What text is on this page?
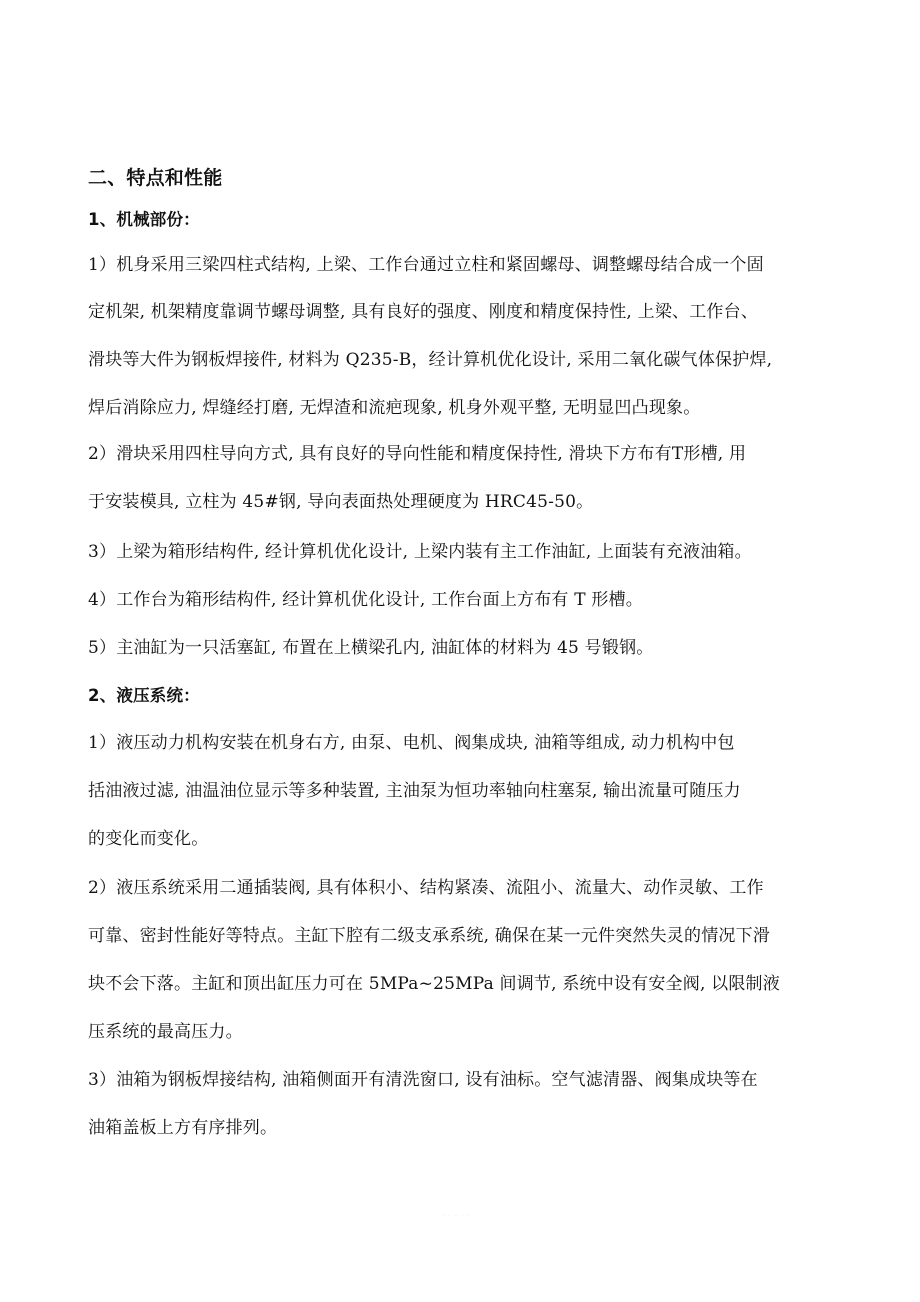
二、特点和性能
1、机械部份：
1）机身采用三梁四柱式结构, 上梁、工作台通过立柱和紧固螺母、调整螺母结合成一个固
定机架, 机架精度靠调节螺母调整, 具有良好的强度、刚度和精度保持性, 上梁、工作台、
滑块等大件为钢板焊接件, 材料为 Q235-B，经计算机优化设计, 采用二氧化碳气体保护焊,
焊后消除应力, 焊缝经打磨, 无焊渣和流疤现象, 机身外观平整, 无明显凹凸现象。
2）滑块采用四柱导向方式, 具有良好的导向性能和精度保持性, 滑块下方布有T形槽, 用
于安装模具, 立柱为 45#钢, 导向表面热处理硬度为 HRC45-50。
3）上梁为箱形结构件, 经计算机优化设计, 上梁内装有主工作油缸, 上面装有充液油箱。
4）工作台为箱形结构件, 经计算机优化设计, 工作台面上方布有 T 形槽。
5）主油缸为一只活塞缸, 布置在上横梁孔内, 油缸体的材料为 45 号锻钢。
2、液压系统：
1）液压动力机构安装在机身右方, 由泵、电机、阀集成块, 油箱等组成, 动力机构中包
括油液过滤, 油温油位显示等多种装置, 主油泵为恒功率轴向柱塞泵, 输出流量可随压力
的变化而变化。
2）液压系统采用二通插装阀, 具有体积小、结构紧凑、流阻小、流量大、动作灵敏、工作
可靠、密封性能好等特点。主缸下腔有二级支承系统, 确保在某一元件突然失灵的情况下滑
块不会下落。主缸和顶出缸压力可在 5MPa~25MPa 间调节, 系统中设有安全阀, 以限制液
压系统的最高压力。
3）油箱为钢板焊接结构, 油箱侧面开有清洗窗口, 设有油标。空气滤清器、阀集成块等在
油箱盖板上方有序排列。
· · · · ·
